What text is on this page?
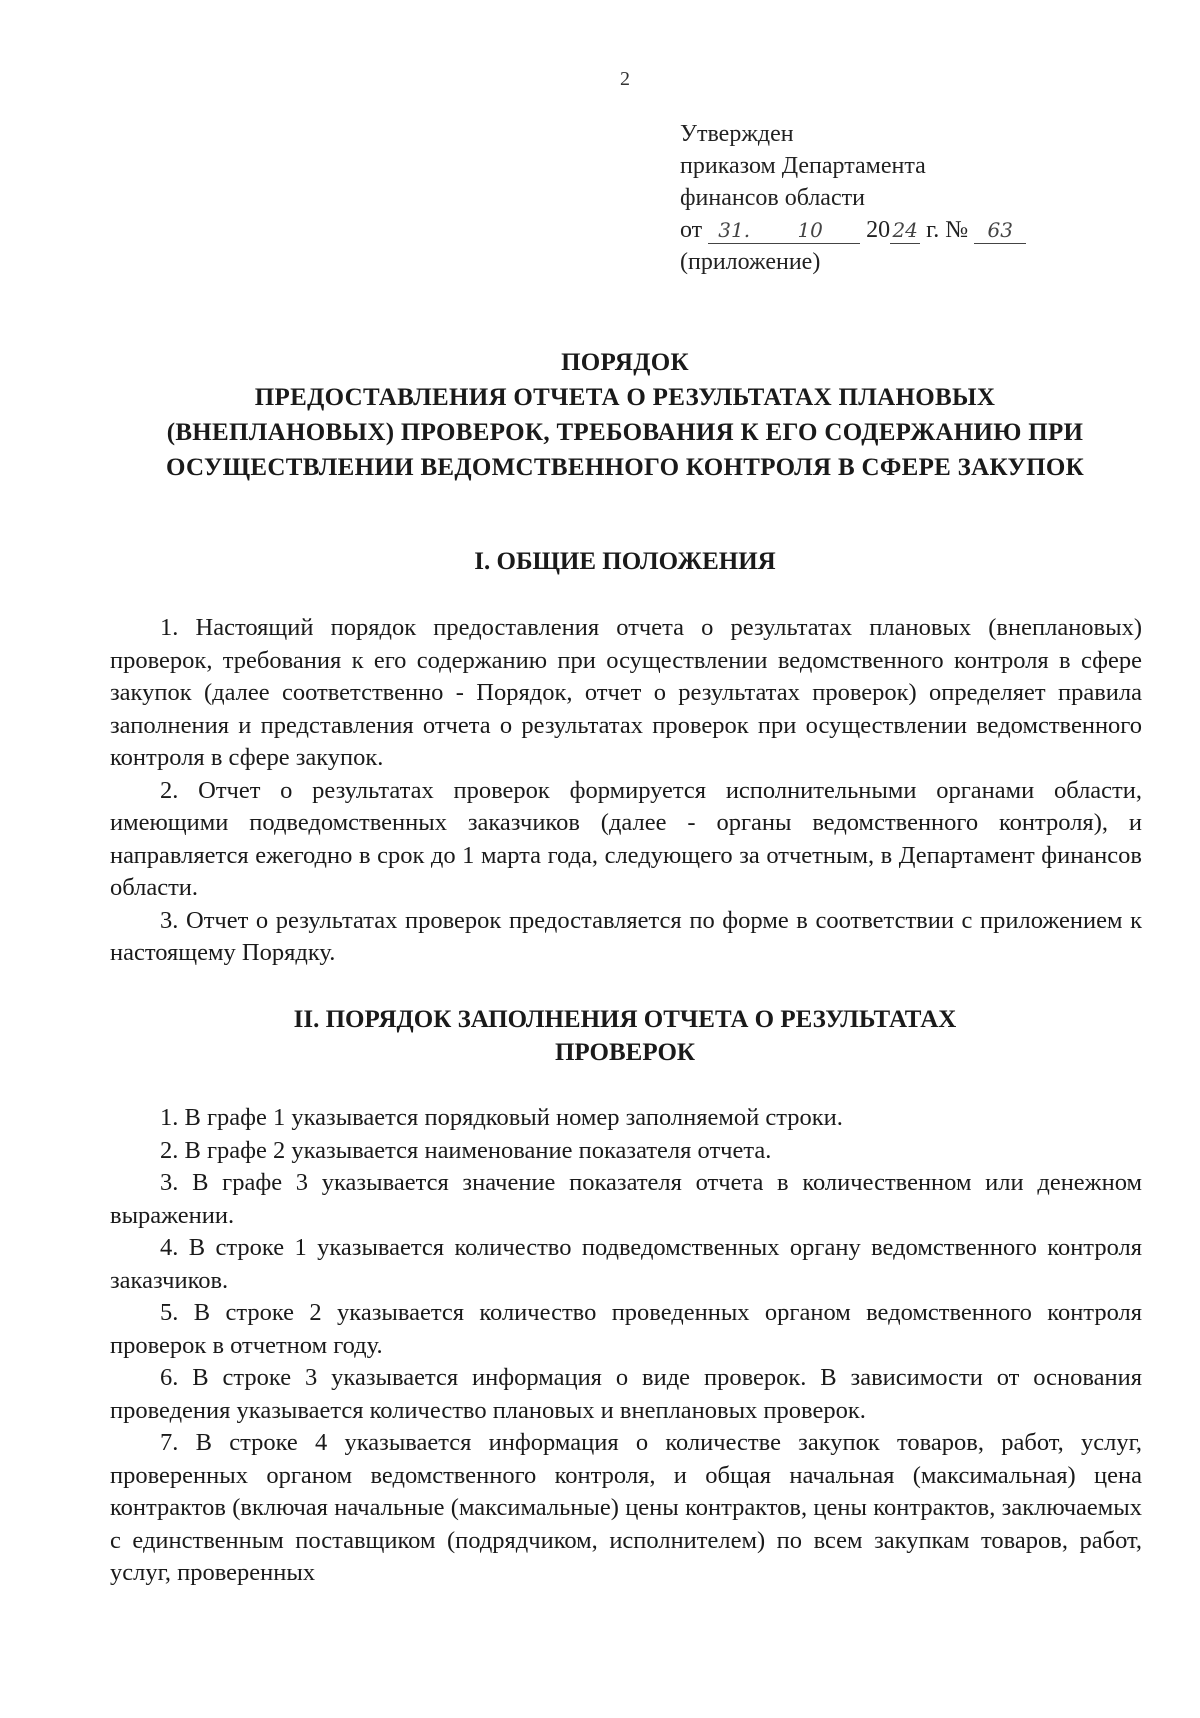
2
Утвержден
приказом Департамента
финансов области
от 31. 10 20 24 г. № 63
(приложение)
ПОРЯДОК
ПРЕДОСТАВЛЕНИЯ ОТЧЕТА О РЕЗУЛЬТАТАХ ПЛАНОВЫХ
(ВНЕПЛАНОВЫХ) ПРОВЕРОК, ТРЕБОВАНИЯ К ЕГО СОДЕРЖАНИЮ ПРИ
ОСУЩЕСТВЛЕНИИ ВЕДОМСТВЕННОГО КОНТРОЛЯ В СФЕРЕ ЗАКУПОК
I. ОБЩИЕ ПОЛОЖЕНИЯ

1. Настоящий порядок предоставления отчета о результатах плановых (внеплановых) проверок, требования к его содержанию при осуществлении ведомственного контроля в сфере закупок (далее соответственно - Порядок, отчет о результатах проверок) определяет правила заполнения и представления отчета о результатах проверок при осуществлении ведомственного контроля в сфере закупок.

2. Отчет о результатах проверок формируется исполнительными органами области, имеющими подведомственных заказчиков (далее - органы ведомственного контроля), и направляется ежегодно в срок до 1 марта года, следующего за отчетным, в Департамент финансов области.

3. Отчет о результатах проверок предоставляется по форме в соответствии с приложением к настоящему Порядку.

II. ПОРЯДОК ЗАПОЛНЕНИЯ ОТЧЕТА О РЕЗУЛЬТАТАХ
ПРОВЕРОК

1. В графе 1 указывается порядковый номер заполняемой строки.

2. В графе 2 указывается наименование показателя отчета.

3. В графе 3 указывается значение показателя отчета в количественном или денежном выражении.

4. В строке 1 указывается количество подведомственных органу ведомственного контроля заказчиков.

5. В строке 2 указывается количество проведенных органом ведомственного контроля проверок в отчетном году.

6. В строке 3 указывается информация о виде проверок. В зависимости от основания проведения указывается количество плановых и внеплановых проверок.

7. В строке 4 указывается информация о количестве закупок товаров, работ, услуг, проверенных органом ведомственного контроля, и общая начальная (максимальная) цена контрактов (включая начальные (максимальные) цены контрактов, цены контрактов, заключаемых с единственным поставщиком (подрядчиком, исполнителем) по всем закупкам товаров, работ, услуг, проверенных
